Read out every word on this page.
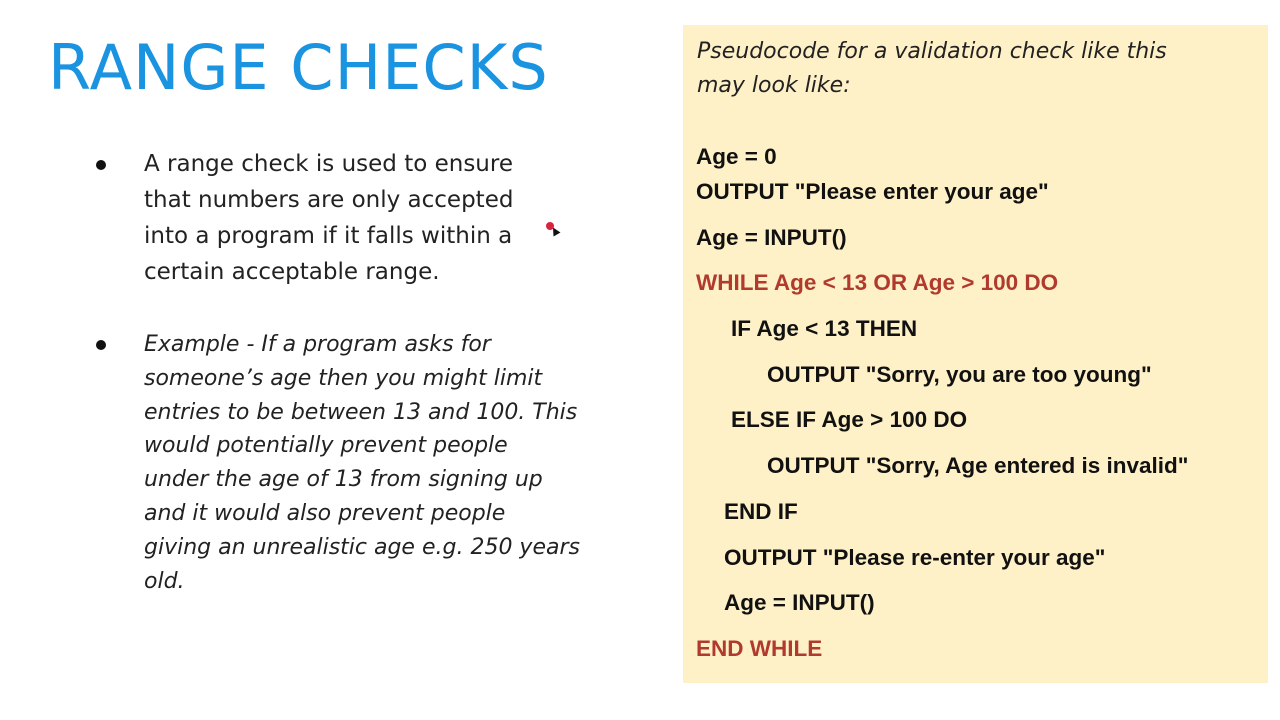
RANGE CHECKS
A range check is used to ensure
that numbers are only accepted
into a program if it falls within a
certain acceptable range.
Example - If a program asks for
someone’s age then you might limit
entries to be between 13 and 100. This
would potentially prevent people
under the age of 13 from signing up
and it would also prevent people
giving an unrealistic age e.g. 250 years
old.
Pseudocode for a validation check like this
may look like:
Age = 0
OUTPUT "Please enter your age"
Age = INPUT()
WHILE Age < 13 OR Age > 100 DO
IF Age < 13 THEN
OUTPUT "Sorry, you are too young"
ELSE IF Age > 100 DO
OUTPUT "Sorry, Age entered is invalid"
END IF
OUTPUT "Please re-enter your age"
Age = INPUT()
END WHILE
